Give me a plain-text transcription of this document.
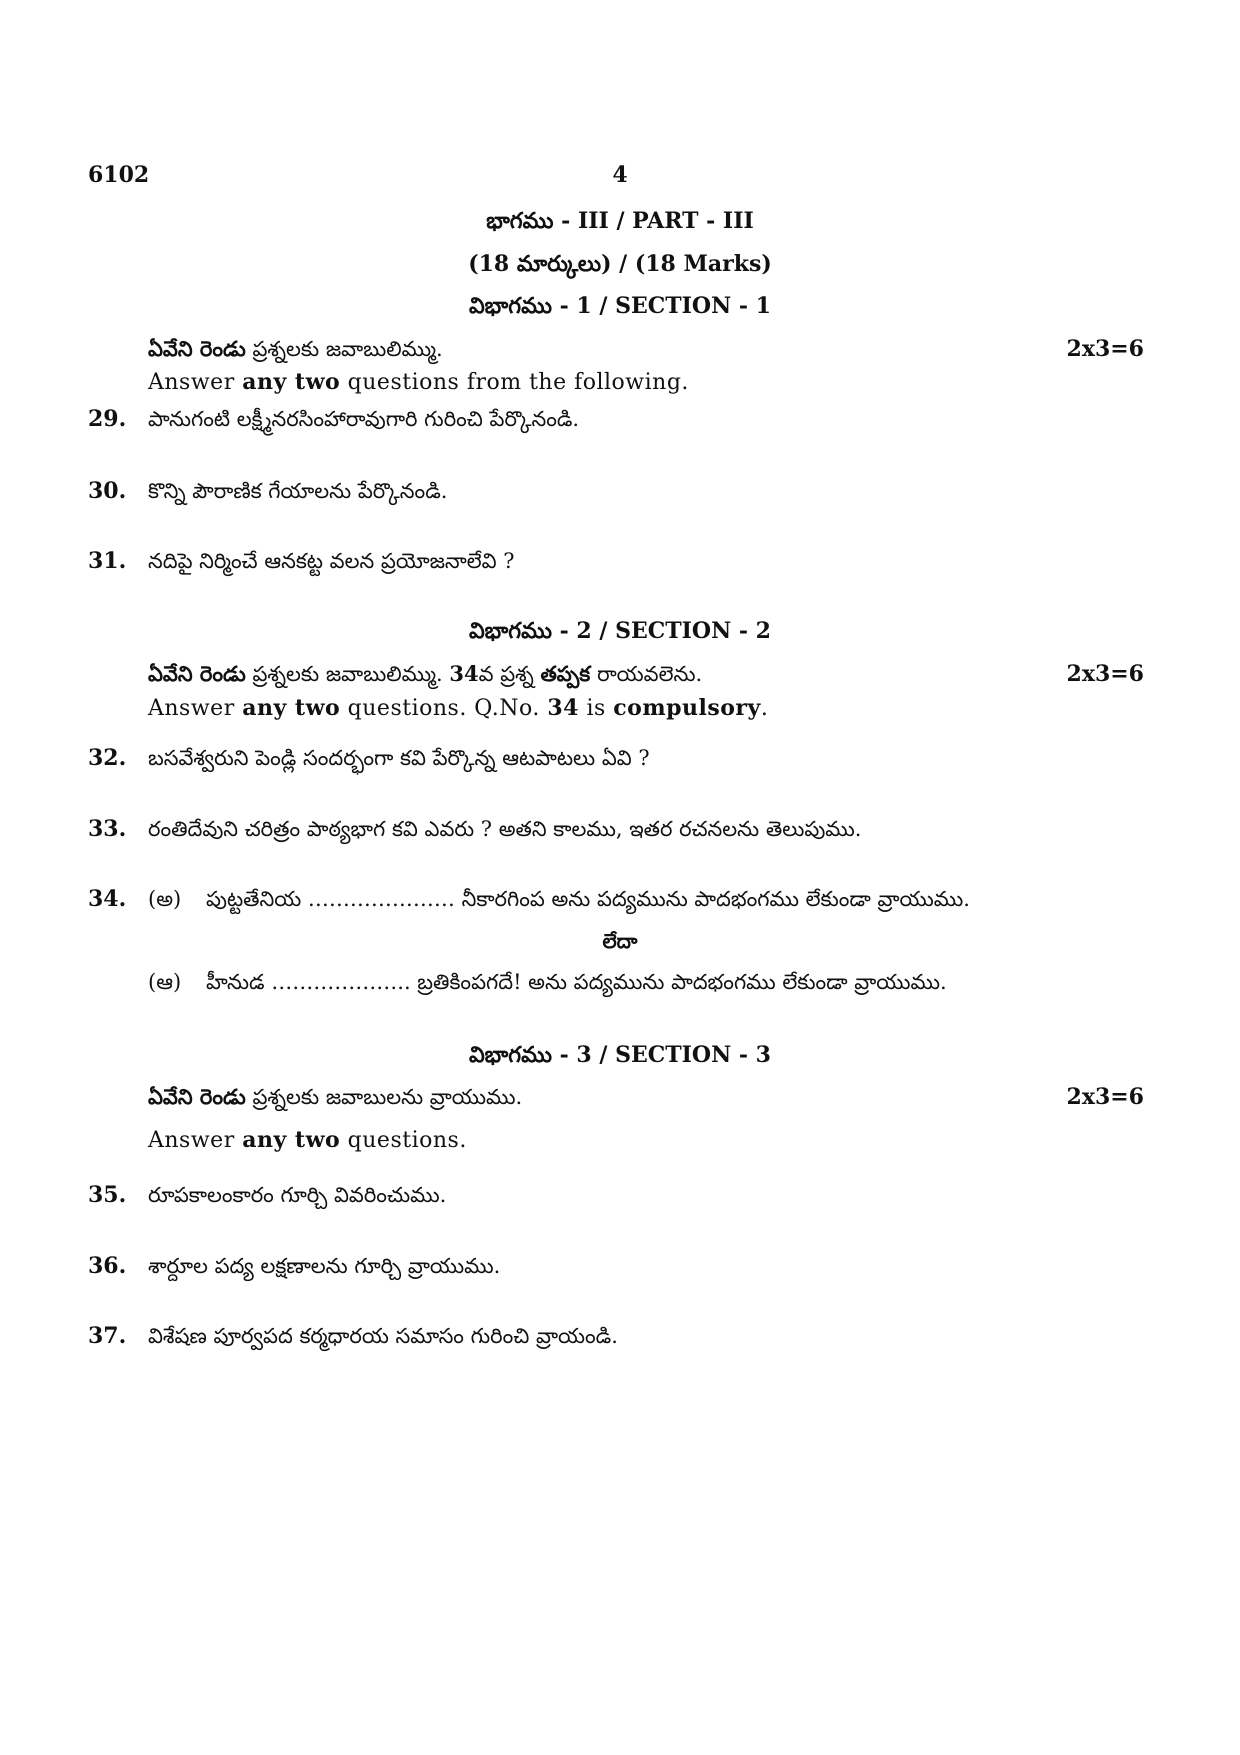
6102	4
భాగము - III / PART - III
(18 మార్కులు) / (18 Marks)
విభాగము - 1 / SECTION - 1
ఏవేని రెండు ప్రశ్నలకు జవాబులిమ్ము.	2x3=6
Answer any two questions from the following.
29. పానుగంటి లక్ష్మీనరసింహారావుగారి గురించి పేర్కొనండి.
30. కొన్ని పౌరాణిక గేయాలను పేర్కొనండి.
31. నదిపై నిర్మించే ఆనకట్ట వలన ప్రయోజనాలేవి ?
విభాగము - 2 / SECTION - 2
ఏవేని రెండు ప్రశ్నలకు జవాబులిమ్ము. 34వ ప్రశ్న తప్పక రాయవలెను.	2x3=6
Answer any two questions. Q.No. 34 is compulsory.
32. బసవేశ్వరుని పెండ్లి సందర్భంగా కవి పేర్కొన్న ఆటపాటలు ఏవి ?
33. రంతిదేవుని చరిత్రం పాఠ్యభాగ కవి ఎవరు ? అతని కాలము, ఇతర రచనలను తెలుపుము.
34. (అ) పుట్టతేనియ ………………… నీకారగింప అను పద్యమును పాదభంగము లేకుండా వ్రాయుము.
లేదా
(ఆ) హీనుడ ……………….. బ్రతికింపగదే! అను పద్యమును పాదభంగము లేకుండా వ్రాయుము.
విభాగము - 3 / SECTION - 3
ఏవేని రెండు ప్రశ్నలకు జవాబులను వ్రాయుము.	2x3=6
Answer any two questions.
35. రూపకాలంకారం గూర్చి వివరించుము.
36. శార్దూల పద్య లక్షణాలను గూర్చి వ్రాయుము.
37. విశేషణ పూర్వపద కర్మధారయ సమాసం గురించి వ్రాయండి.
